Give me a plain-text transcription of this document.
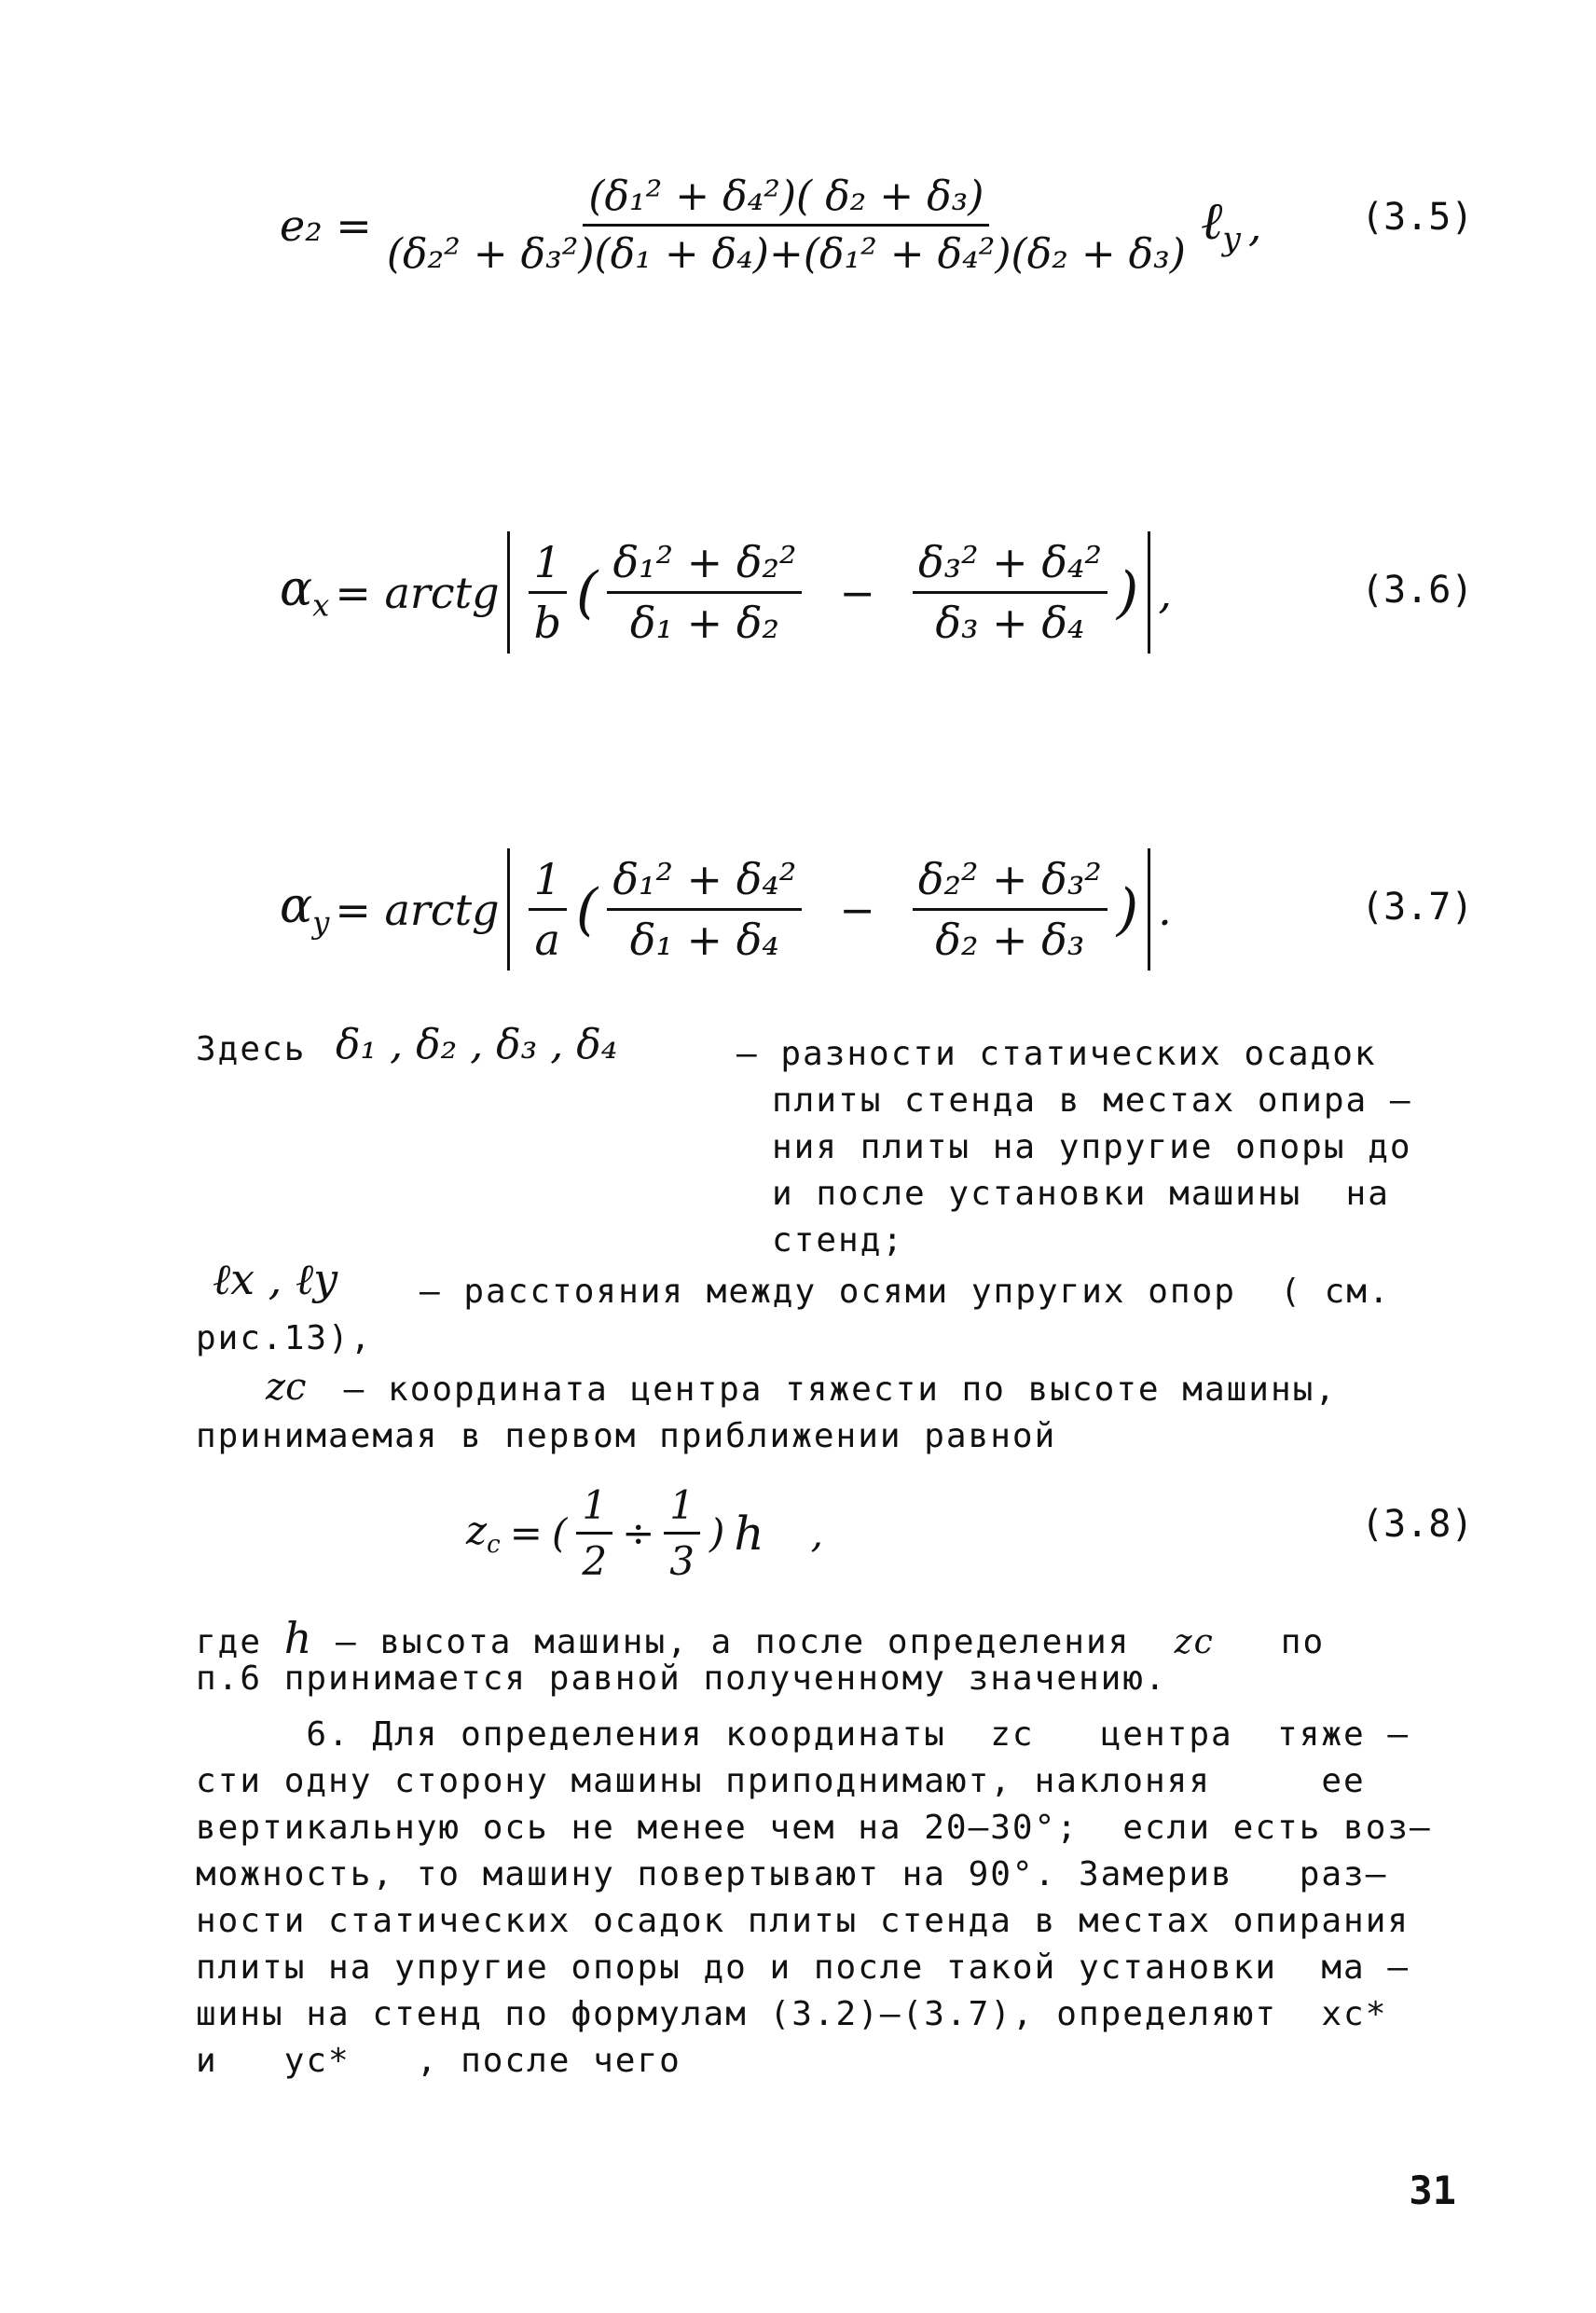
$e_2 = \frac{\text{(δ₁² + δ₄²)( δ₂ + δ₃)}}{\text{(δ₂² + δ₃²)(δ₁ + δ₄)+(δ₁² + δ₄²)(δ₂ + δ₃)}}$ ℓ$_y$ ,	(3.5)
$\alpha_x$ = arctg $\frac{1}{b}$ ( $\frac{\text{δ₁² + δ₂²}}{\text{δ₁ + δ₂}} - \frac{\text{δ₃² + δ₄²}}{\text{δ₃ + δ₄}}$ ) ,	(3.6)
$\alpha_y$ = arctg $\frac{1}{a}$ ( $\frac{\text{δ₁² + δ₄²}}{\text{δ₁ + δ₄}} - \frac{\text{δ₂² + δ₃²}}{\text{δ₂ + δ₃}}$ ) .	(3.7)
Здесь δ₁ , δ₂ , δ₃ , δ₄	– разности статических осадок
плиты стенда в местах опира –
ния плиты на упругие опоры до
и после установки машины  на
стенд;
ℓx , ℓy – расстояния между осями упругих опор  ( см.
рис.13),
zc – координата центра тяжести по высоте машины,
принимаемая в первом приближении равной
$z_c$ = ( $\frac{1}{2} \div \frac{1}{3}$ ) h ,	(3.8)
где h – высота машины, а после определения  zc   по
п.6 принимается равной полученному значению.
6. Для определения координаты  zc   центра  тяже –
сти одну сторону машины приподнимают, наклоняя     ее
вертикальную ось не менее чем на 20–30°;  если есть воз–
можность, то машину повертывают на 90°. Замерив   раз–
ности статических осадок плиты стенда в местах опирания
плиты на упругие опоры до и после такой установки  ма –
шины на стенд по формулам (3.2)–(3.7), определяют  xc*
и   yc*   , после чего
31
